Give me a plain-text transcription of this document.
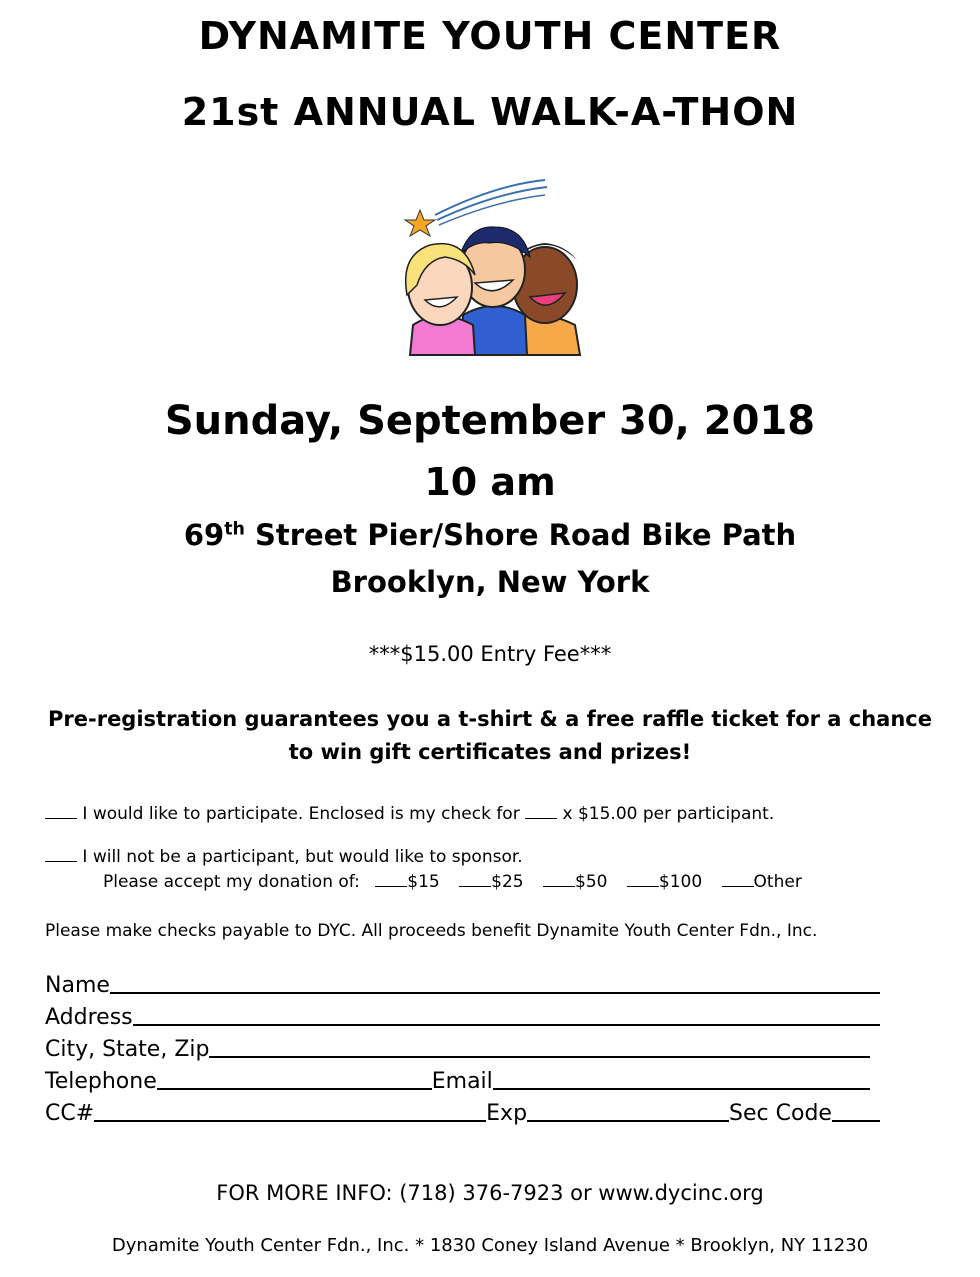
DYNAMITE YOUTH CENTER
21st ANNUAL WALK-A-THON
Sunday, September 30, 2018
10 am
69th Street Pier/Shore Road Bike Path
Brooklyn, New York
***$15.00 Entry Fee***
Pre-registration guarantees you a t-shirt & a free raffle ticket for a chance
to win gift certificates and prizes!
I would like to participate. Enclosed is my check for	x $15.00 per participant.
I will not be a participant, but would like to sponsor.
Please accept my donation of:	$15	$25	$50	$100	Other
Please make checks payable to DYC. All proceeds benefit Dynamite Youth Center Fdn., Inc.
Name
Address
City, State, Zip
Telephone	Email
CC#	Exp	Sec Code
FOR MORE INFO: (718) 376-7923 or www.dycinc.org
Dynamite Youth Center Fdn., Inc. * 1830 Coney Island Avenue * Brooklyn, NY 11230
